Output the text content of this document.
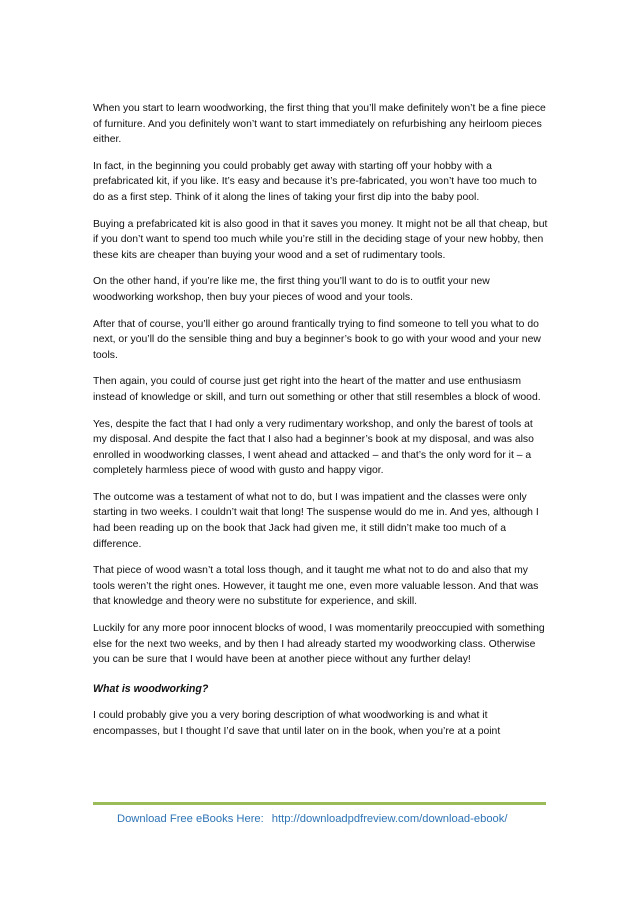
When you start to learn woodworking, the first thing that you’ll make definitely won’t be a fine piece of furniture. And you definitely won’t want to start immediately on refurbishing any heirloom pieces either.

In fact, in the beginning you could probably get away with starting off your hobby with a prefabricated kit, if you like. It’s easy and because it’s pre-fabricated, you won’t have too much to do as a first step. Think of it along the lines of taking your first dip into the baby pool.

Buying a prefabricated kit is also good in that it saves you money. It might not be all that cheap, but if you don’t want to spend too much while you’re still in the deciding stage of your new hobby, then these kits are cheaper than buying your wood and a set of rudimentary tools.

On the other hand, if you’re like me, the first thing you’ll want to do is to outfit your new woodworking workshop, then buy your pieces of wood and your tools.

After that of course, you’ll either go around frantically trying to find someone to tell you what to do next, or you’ll do the sensible thing and buy a beginner’s book to go with your wood and your new tools.

Then again, you could of course just get right into the heart of the matter and use enthusiasm instead of knowledge or skill, and turn out something or other that still resembles a block of wood.

Yes, despite the fact that I had only a very rudimentary workshop, and only the barest of tools at my disposal. And despite the fact that I also had a beginner’s book at my disposal, and was also enrolled in woodworking classes, I went ahead and attacked – and that’s the only word for it – a completely harmless piece of wood with gusto and happy vigor.

The outcome was a testament of what not to do, but I was impatient and the classes were only starting in two weeks. I couldn’t wait that long! The suspense would do me in. And yes, although I had been reading up on the book that Jack had given me, it still didn’t make too much of a difference.

That piece of wood wasn’t a total loss though, and it taught me what not to do and also that my tools weren’t the right ones. However, it taught me one, even more valuable lesson. And that was that knowledge and theory were no substitute for experience, and skill.

Luckily for any more poor innocent blocks of wood, I was momentarily preoccupied with something else for the next two weeks, and by then I had already started my woodworking class. Otherwise you can be sure that I would have been at another piece without any further delay!

What is woodworking?

I could probably give you a very boring description of what woodworking is and what it encompasses, but I thought I’d save that until later on in the book, when you’re at a point

Download Free eBooks Here: http://downloadpdfreview.com/download-ebook/
